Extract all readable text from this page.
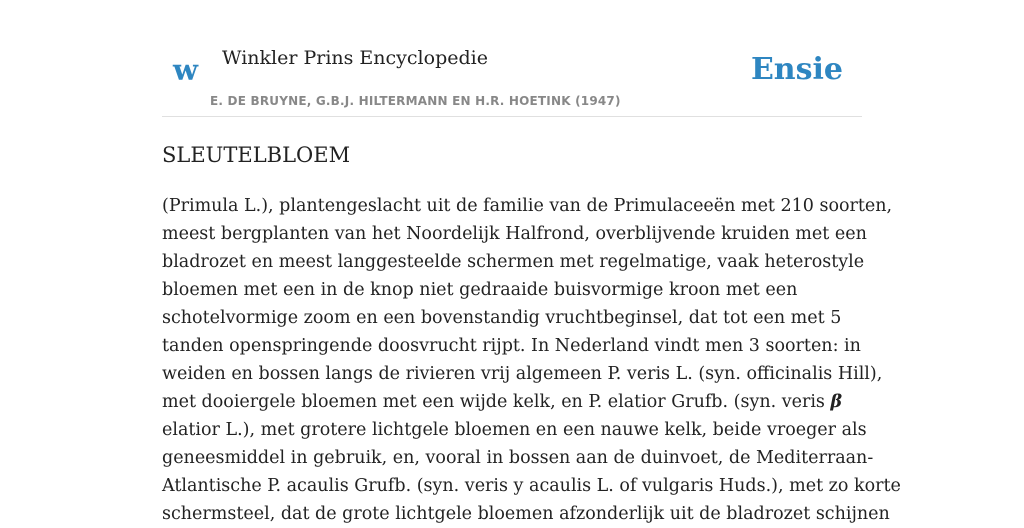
w Winkler Prins Encyclopedie
E. DE BRUYNE, G.B.J. HILTERMANN EN H.R. HOETINK (1947)
Ensie
SLEUTELBLOEM
(Primula L.), plantengeslacht uit de familie van de Primulaceeën met 210 soorten,
meest bergplanten van het Noordelijk Halfrond, overblijvende kruiden met een
bladrozet en meest langgesteelde schermen met regelmatige, vaak heterostyle
bloemen met een in de knop niet gedraaide buisvormige kroon met een
schotelvormige zoom en een bovenstandig vruchtbeginsel, dat tot een met 5
tanden openspringende doosvrucht rijpt. In Nederland vindt men 3 soorten: in
weiden en bossen langs de rivieren vrij algemeen P. veris L. (syn. officinalis Hill),
met dooiergele bloemen met een wijde kelk, en P. elatior Grufb. (syn. veris β
elatior L.), met grotere lichtgele bloemen en een nauwe kelk, beide vroeger als
geneesmiddel in gebruik, en, vooral in bossen aan de duinvoet, de Mediterraan-
Atlantische P. acaulis Grufb. (syn. veris y acaulis L. of vulgaris Huds.), met zo korte
schermsteel, dat de grote lichtgele bloemen afzonderlijk uit de bladrozet schijnen
